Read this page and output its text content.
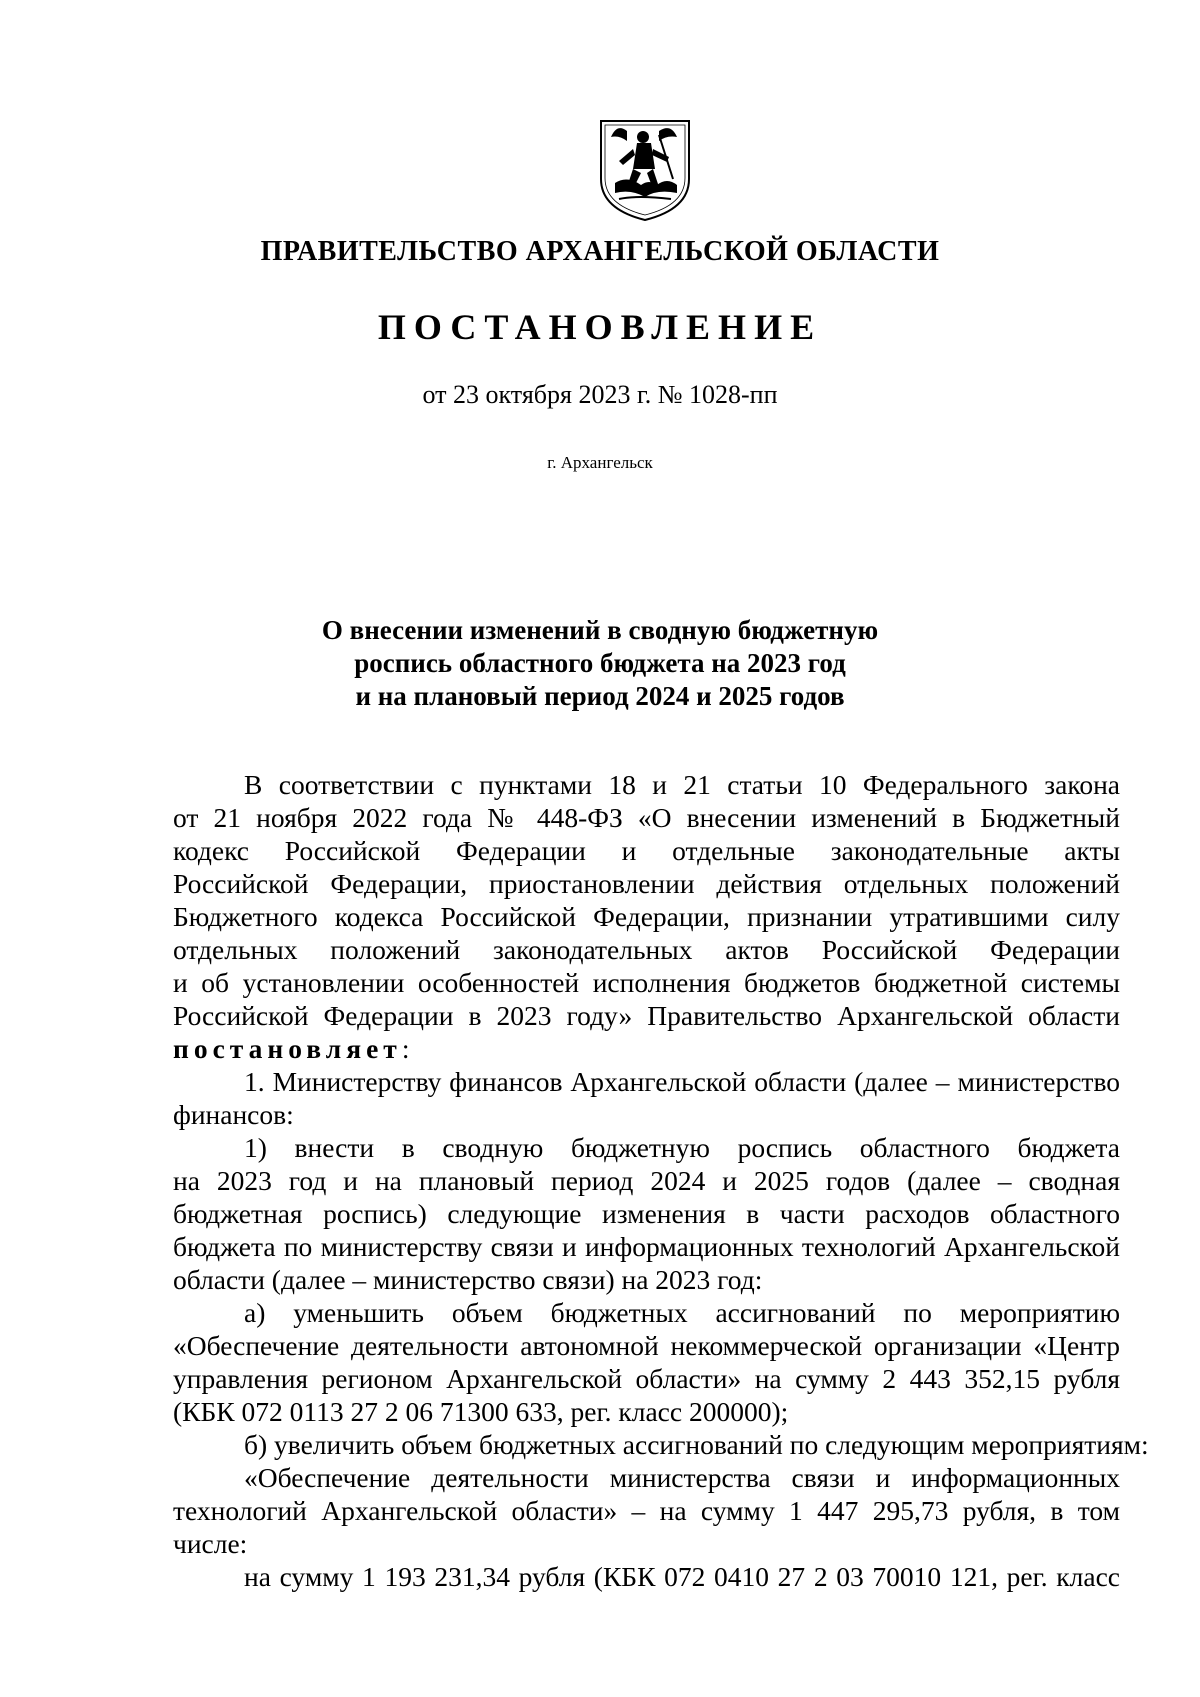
ПРАВИТЕЛЬСТВО АРХАНГЕЛЬСКОЙ ОБЛАСТИ
ПОСТАНОВЛЕНИЕ
от 23 октября 2023 г. № 1028-пп
г. Архангельск
О внесении изменений в сводную бюджетную
роспись областного бюджета на 2023 год
и на плановый период 2024 и 2025 годов
В соответствии с пунктами 18 и 21 статьи 10 Федерального закона
от 21 ноября 2022 года № 448-ФЗ «О внесении изменений в Бюджетный
кодекс Российской Федерации и отдельные законодательные акты
Российской Федерации, приостановлении действия отдельных положений
Бюджетного кодекса Российской Федерации, признании утратившими силу
отдельных положений законодательных актов Российской Федерации
и об установлении особенностей исполнения бюджетов бюджетной системы
Российской Федерации в 2023 году» Правительство Архангельской области
постановляет:
1. Министерству финансов Архангельской области (далее – министерство
финансов:
1) внести в сводную бюджетную роспись областного бюджета
на 2023 год и на плановый период 2024 и 2025 годов (далее – сводная
бюджетная роспись) следующие изменения в части расходов областного
бюджета по министерству связи и информационных технологий Архангельской
области (далее – министерство связи) на 2023 год:
а) уменьшить объем бюджетных ассигнований по мероприятию
«Обеспечение деятельности автономной некоммерческой организации «Центр
управления регионом Архангельской области» на сумму 2 443 352,15 рубля
(КБК 072 0113 27 2 06 71300 633, рег. класс 200000);
б) увеличить объем бюджетных ассигнований по следующим мероприятиям:
«Обеспечение деятельности министерства связи и информационных
технологий Архангельской области» – на сумму 1 447 295,73 рубля, в том
числе:
на сумму 1 193 231,34 рубля (КБК 072 0410 27 2 03 70010 121, рег. класс
